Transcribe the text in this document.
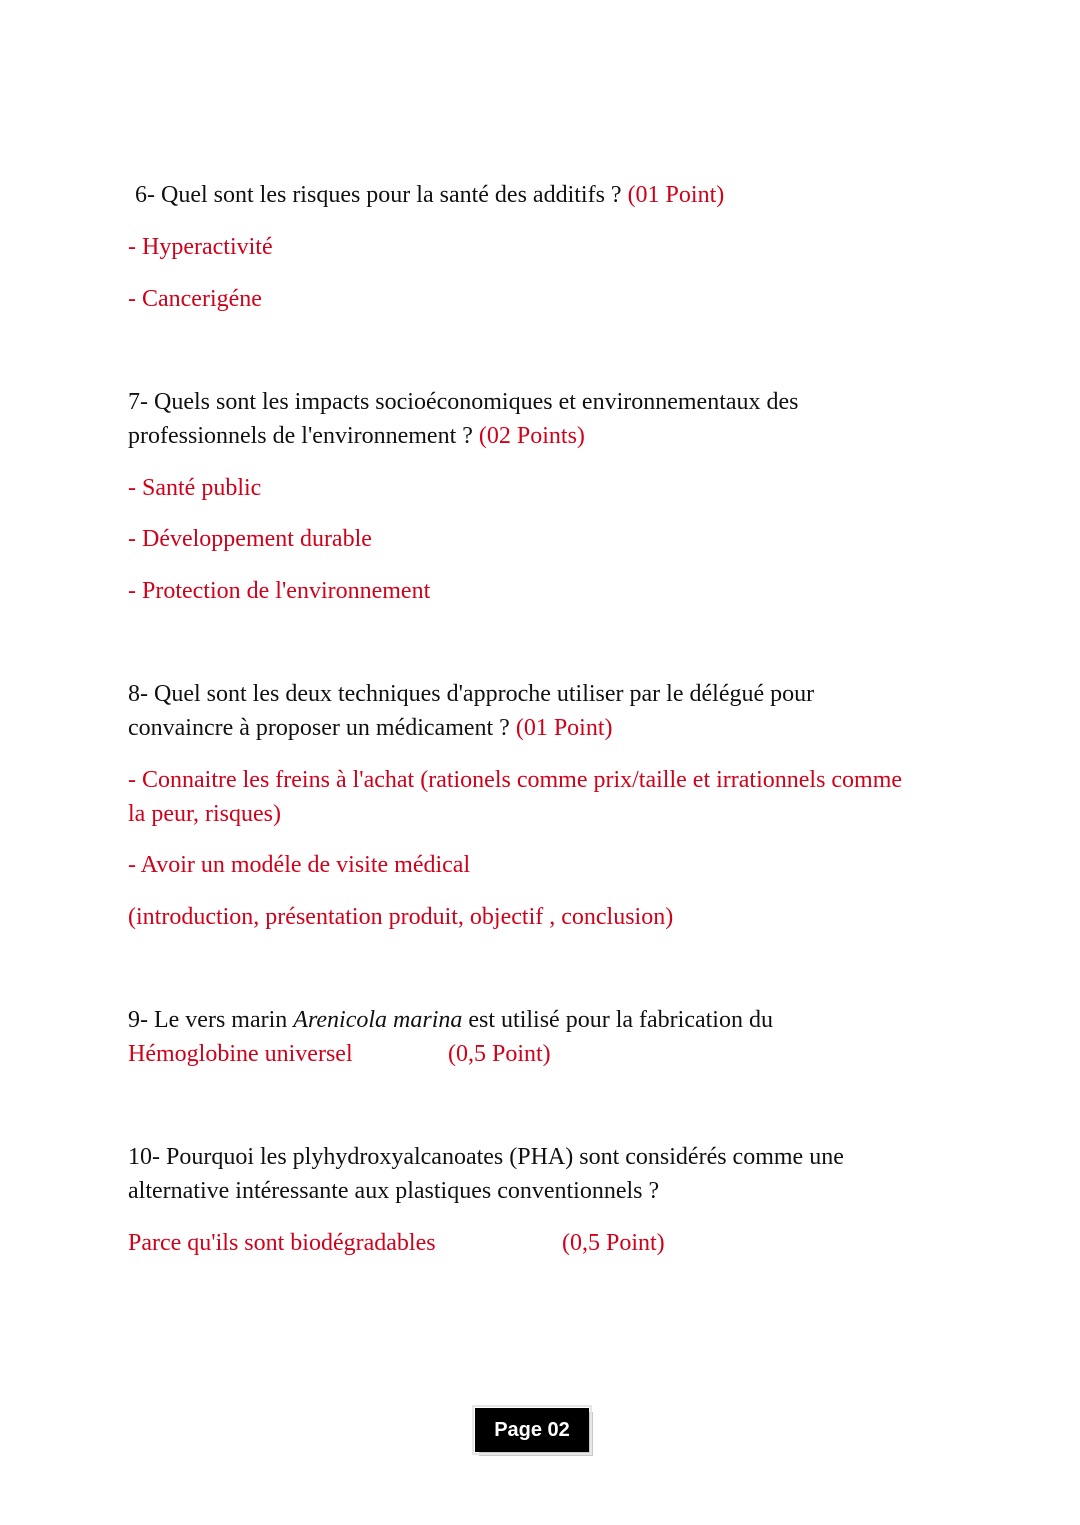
6- Quel sont les risques pour la santé des additifs ? (01 Point)
- Hyperactivité
- Cancerigéne
7- Quels sont les impacts socioéconomiques et environnementaux des
professionnels de l'environnement ? (02 Points)
- Santé public
- Développement durable
- Protection de l'environnement
8- Quel sont les deux techniques d'approche utiliser par le délégué pour
convaincre à proposer un médicament ? (01 Point)
- Connaitre les freins à l'achat (rationels comme prix/taille et irrationnels comme
la peur, risques)
- Avoir un modéle de visite médical
(introduction, présentation produit, objectif , conclusion)
9- Le vers marin Arenicola marina est utilisé pour la fabrication du
Hémoglobine universel	(0,5 Point)
10- Pourquoi les plyhydroxyalcanoates (PHA) sont considérés comme une
alternative intéressante aux plastiques conventionnels ?
Parce qu'ils sont biodégradables	(0,5 Point)
Page 02
